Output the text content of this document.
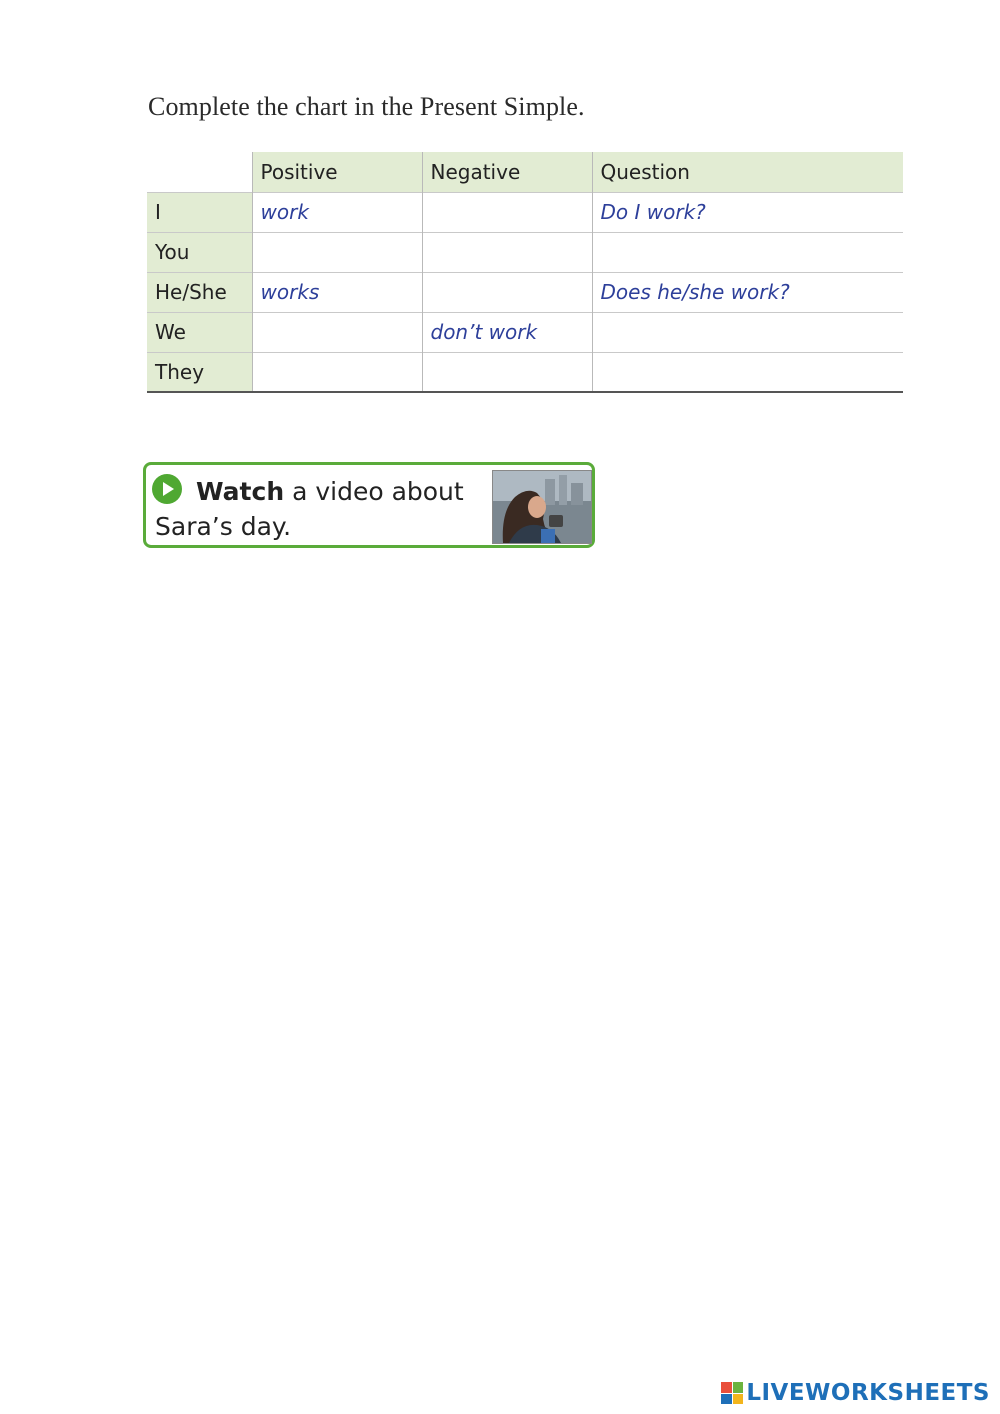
Complete the chart in the Present Simple.
	Positive	Negative	Question
I	work		Do I work?
You			
He/She	works		Does he/she work?
We		don’t work	
They			
Watch a video about Sara’s day.
LIVEWORKSHEETS
